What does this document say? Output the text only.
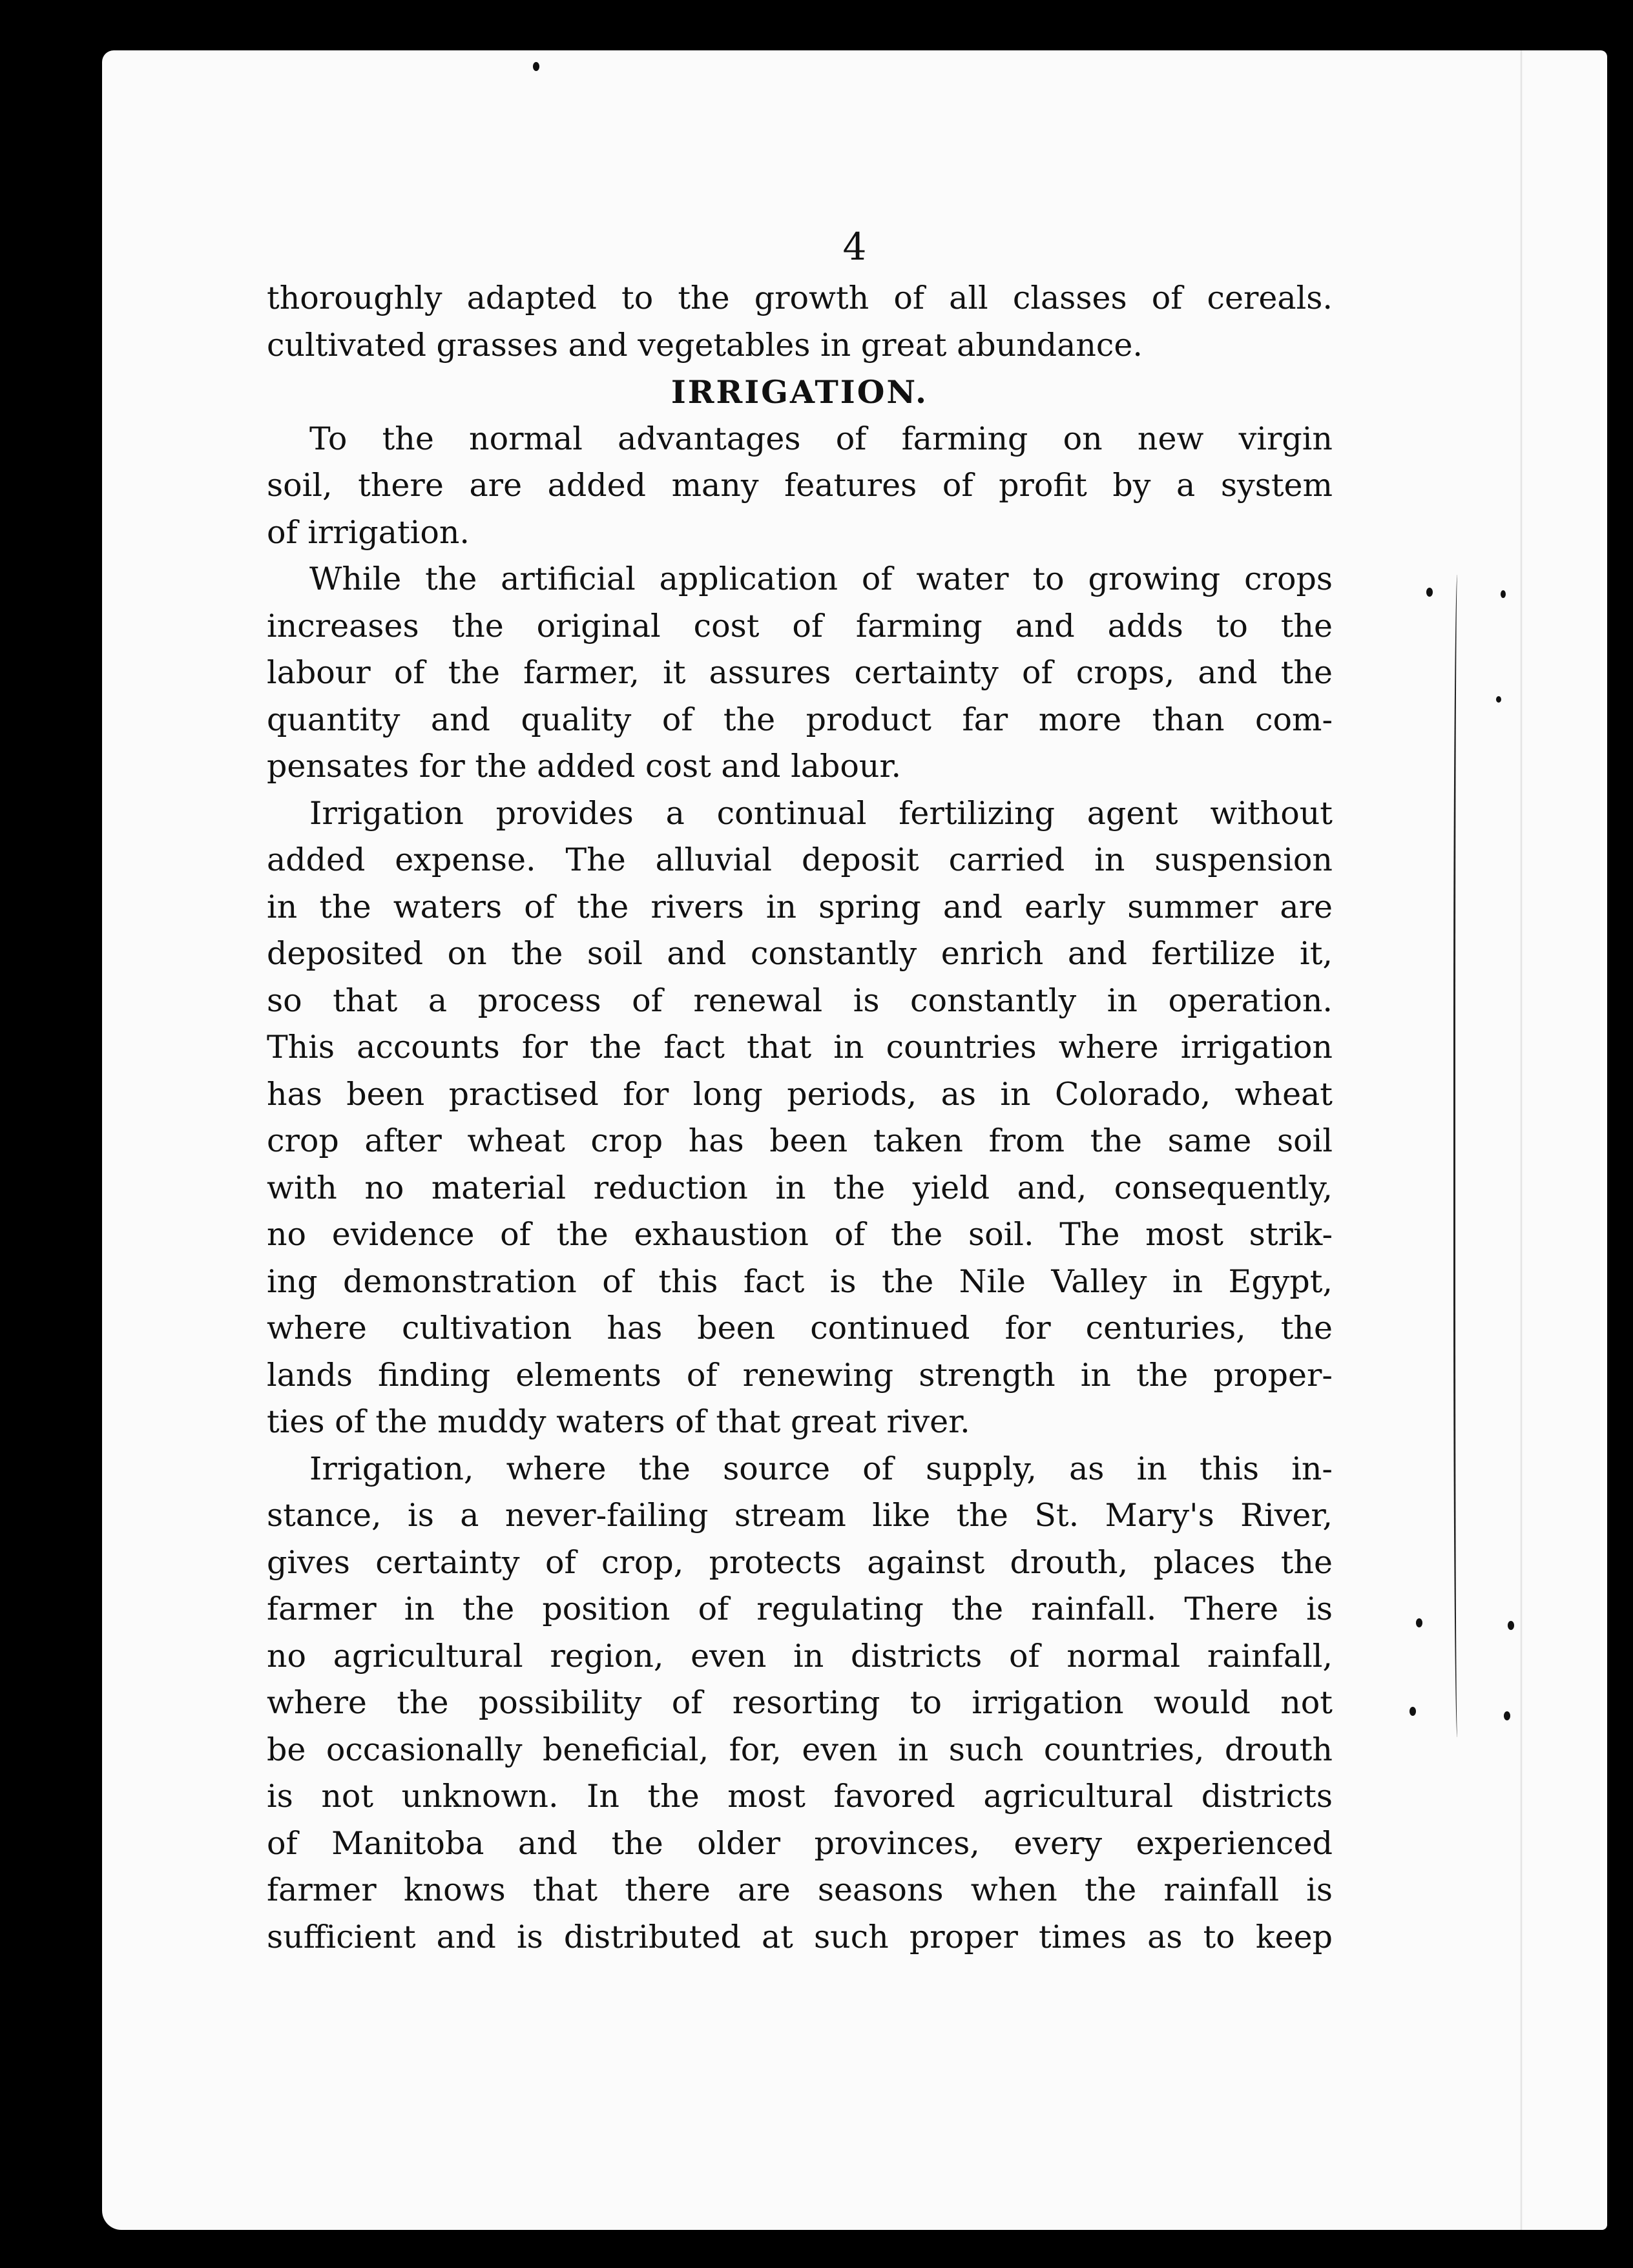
4
thoroughly adapted to the growth of all classes of cereals.
cultivated grasses and vegetables in great abundance.
IRRIGATION.
To the normal advantages of farming on new virgin
soil, there are added many features of profit by a system
of irrigation.
While the artificial application of water to growing crops
increases the original cost of farming and adds to the
labour of the farmer, it assures certainty of crops, and the
quantity and quality of the product far more than com-
pensates for the added cost and labour.
Irrigation provides a continual fertilizing agent without
added expense. The alluvial deposit carried in suspension
in the waters of the rivers in spring and early summer are
deposited on the soil and constantly enrich and fertilize it,
so that a process of renewal is constantly in operation.
This accounts for the fact that in countries where irrigation
has been practised for long periods, as in Colorado, wheat
crop after wheat crop has been taken from the same soil
with no material reduction in the yield and, consequently,
no evidence of the exhaustion of the soil. The most strik-
ing demonstration of this fact is the Nile Valley in Egypt,
where cultivation has been continued for centuries, the
lands finding elements of renewing strength in the proper-
ties of the muddy waters of that great river.
Irrigation, where the source of supply, as in this in-
stance, is a never-failing stream like the St. Mary's River,
gives certainty of crop, protects against drouth, places the
farmer in the position of regulating the rainfall. There is
no agricultural region, even in districts of normal rainfall,
where the possibility of resorting to irrigation would not
be occasionally beneficial, for, even in such countries, drouth
is not unknown. In the most favored agricultural districts
of Manitoba and the older provinces, every experienced
farmer knows that there are seasons when the rainfall is
sufficient and is distributed at such proper times as to keep
